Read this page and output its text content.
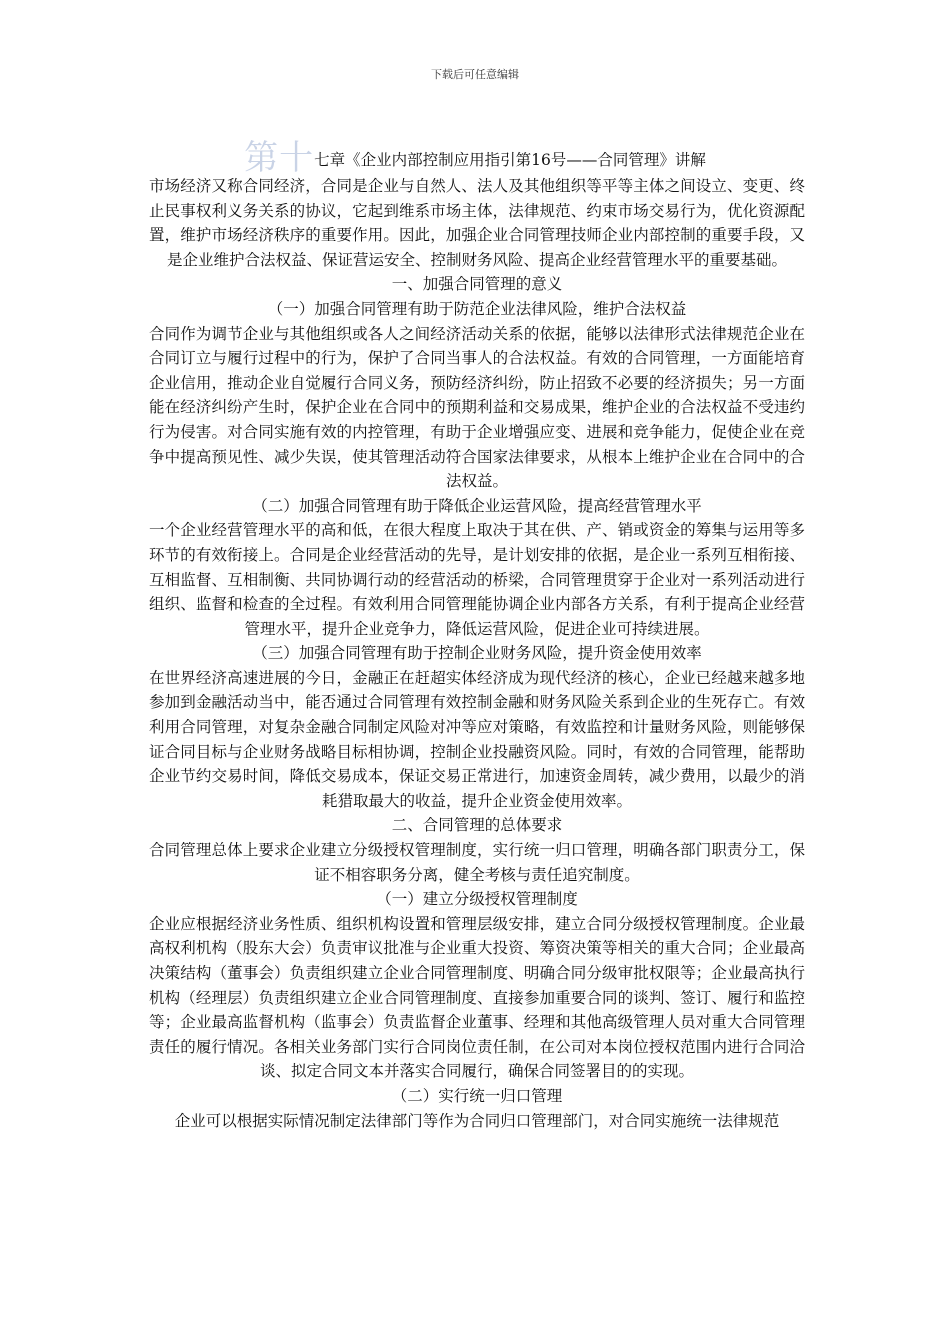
下载后可任意编辑
第十七章《企业内部控制应用指引第16号——合同管理》讲解

市场经济又称合同经济，合同是企业与自然人、法人及其他组织等平等主体之间设立、变更、终止民事权利义务关系的协议，它起到维系市场主体，法律规范、约束市场交易行为，优化资源配置，维护市场经济秩序的重要作用。因此，加强企业合同管理技师企业内部控制的重要手段，又是企业维护合法权益、保证营运安全、控制财务风险、提高企业经营管理水平的重要基础。

一、加强合同管理的意义

（一）加强合同管理有助于防范企业法律风险，维护合法权益

合同作为调节企业与其他组织或各人之间经济活动关系的依据，能够以法律形式法律规范企业在合同订立与履行过程中的行为，保护了合同当事人的合法权益。有效的合同管理，一方面能培育企业信用，推动企业自觉履行合同义务，预防经济纠纷，防止招致不必要的经济损失；另一方面能在经济纠纷产生时，保护企业在合同中的预期利益和交易成果，维护企业的合法权益不受违约行为侵害。对合同实施有效的内控管理，有助于企业增强应变、进展和竞争能力，促使企业在竞争中提高预见性、减少失误，使其管理活动符合国家法律要求，从根本上维护企业在合同中的合法权益。

（二）加强合同管理有助于降低企业运营风险，提高经营管理水平

一个企业经营管理水平的高和低，在很大程度上取决于其在供、产、销或资金的筹集与运用等多环节的有效衔接上。合同是企业经营活动的先导，是计划安排的依据，是企业一系列互相衔接、互相监督、互相制衡、共同协调行动的经营活动的桥梁，合同管理贯穿于企业对一系列活动进行组织、监督和检查的全过程。有效利用合同管理能协调企业内部各方关系，有利于提高企业经营管理水平，提升企业竞争力，降低运营风险，促进企业可持续进展。

（三）加强合同管理有助于控制企业财务风险，提升资金使用效率

在世界经济高速进展的今日，金融正在赶超实体经济成为现代经济的核心，企业已经越来越多地参加到金融活动当中，能否通过合同管理有效控制金融和财务风险关系到企业的生死存亡。有效利用合同管理，对复杂金融合同制定风险对冲等应对策略，有效监控和计量财务风险，则能够保证合同目标与企业财务战略目标相协调，控制企业投融资风险。同时，有效的合同管理，能帮助企业节约交易时间，降低交易成本，保证交易正常进行，加速资金周转，减少费用，以最少的消耗猎取最大的收益，提升企业资金使用效率。

二、合同管理的总体要求

合同管理总体上要求企业建立分级授权管理制度，实行统一归口管理，明确各部门职责分工，保证不相容职务分离，健全考核与责任追究制度。

（一）建立分级授权管理制度

企业应根据经济业务性质、组织机构设置和管理层级安排，建立合同分级授权管理制度。企业最高权利机构（股东大会）负责审议批准与企业重大投资、筹资决策等相关的重大合同；企业最高决策结构（董事会）负责组织建立企业合同管理制度、明确合同分级审批权限等；企业最高执行机构（经理层）负责组织建立企业合同管理制度、直接参加重要合同的谈判、签订、履行和监控等；企业最高监督机构（监事会）负责监督企业董事、经理和其他高级管理人员对重大合同管理责任的履行情况。各相关业务部门实行合同岗位责任制，在公司对本岗位授权范围内进行合同洽谈、拟定合同文本并落实合同履行，确保合同签署目的的实现。

（二）实行统一归口管理

企业可以根据实际情况制定法律部门等作为合同归口管理部门，对合同实施统一法律规范
